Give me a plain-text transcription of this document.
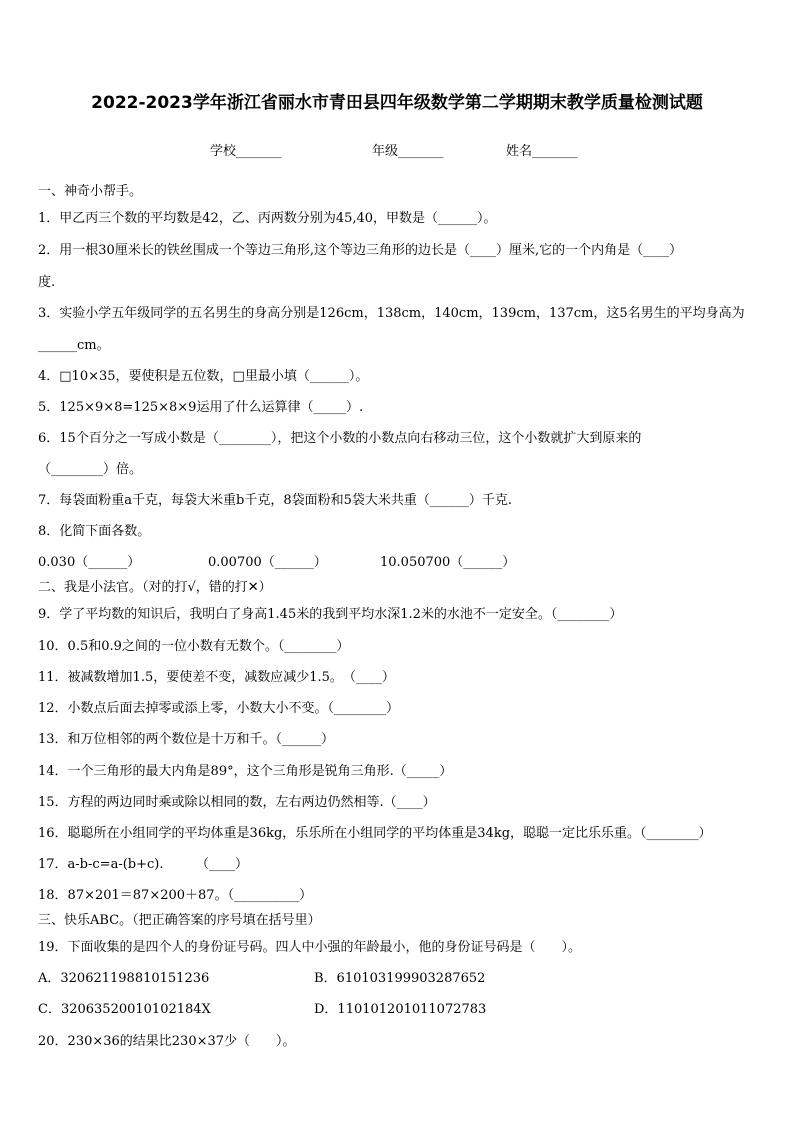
2022-2023学年浙江省丽水市青田县四年级数学第二学期期末教学质量检测试题
学校_______	年级_______	姓名_______
一、神奇小帮手。
1．甲乙丙三个数的平均数是42，乙、丙两数分别为45,40，甲数是（______）。
2．用一根30厘米长的铁丝围成一个等边三角形,这个等边三角形的边长是（____）厘米,它的一个内角是（____）
度.
3．实验小学五年级同学的五名男生的身高分别是126cm，138cm，140cm，139cm，137cm，这5名男生的平均身高为
______cm。
4．□10×35，要使积是五位数，□里最小填（______）。
5．125×9×8=125×8×9运用了什么运算律（_____）.
6．15个百分之一写成小数是（________），把这个小数的小数点向右移动三位，这个小数就扩大到原来的
（________）倍。
7．每袋面粉重a千克，每袋大米重b千克，8袋面粉和5袋大米共重（______）千克.
8．化简下面各数。
0.030（______）	0.00700（______）	10.050700（______）
二、我是小法官。（对的打√，错的打✕）
9．学了平均数的知识后，我明白了身高1.45米的我到平均水深1.2米的水池不一定安全。（________）
10．0.5和0.9之间的一位小数有无数个。（________）
11．被减数增加1.5，要使差不变，减数应减少1.5。　（____）
12．小数点后面去掉零或添上零，小数大小不变。（________）
13．和万位相邻的两个数位是十万和千。（______）
14．一个三角形的最大内角是89°，这个三角形是锐角三角形.（_____）
15．方程的两边同时乘或除以相同的数，左右两边仍然相等.（____）
16．聪聪所在小组同学的平均体重是36kg，乐乐所在小组同学的平均体重是34kg，聪聪一定比乐乐重。（________）
17．a-b-c=a-(b+c).　　　（____）
18．87×201＝87×200＋87。（__________）
三、快乐ABC。（把正确答案的序号填在括号里）
19．下面收集的是四个人的身份证号码。四人中小强的年龄最小，他的身份证号码是（　　）。
A．320621198810151236	B．610103199903287652
C．32063520010102184X	D．110101201011072783
20．230×36的结果比230×37少（　　）。
